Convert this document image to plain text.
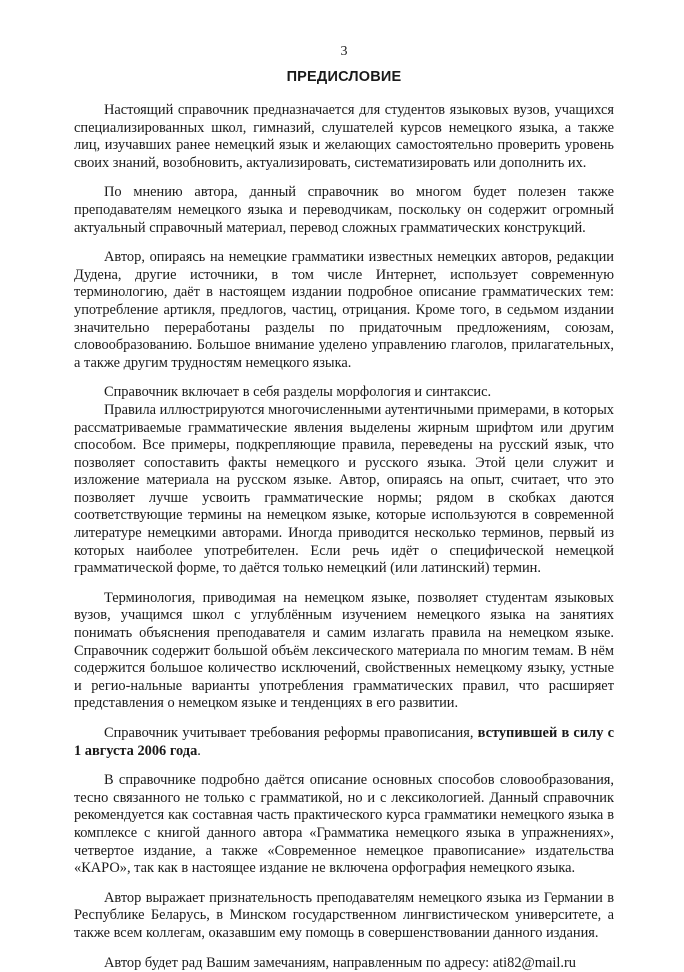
3
ПРЕДИСЛОВИЕ

Настоящий справочник предназначается для студентов языковых вузов, учащихся специализированных школ, гимназий, слушателей курсов немецкого языка, а также лиц, изучавших ранее немецкий язык и желающих самостоятельно проверить уровень своих знаний, возобновить, актуализировать, систематизировать или дополнить их.

По мнению автора, данный справочник во многом будет полезен также преподавателям немецкого языка и переводчикам, поскольку он содержит огромный актуальный справочный материал, перевод сложных грамматических конструкций.

Автор, опираясь на немецкие грамматики известных немецких авторов, редакции Дудена, другие источники, в том числе Интернет, использует современную терминологию, даёт в настоящем издании подробное описание грамматических тем: употребление артикля, предлогов, частиц, отрицания. Кроме того, в седьмом издании значительно переработаны разделы по придаточным предложениям, союзам, словообразованию. Большое внимание уделено управлению глаголов, прилагательных, а также другим трудностям немецкого языка.

Справочник включает в себя разделы морфология и синтаксис.

Правила иллюстрируются многочисленными аутентичными примерами, в которых рассматриваемые грамматические явления выделены жирным шрифтом или другим способом. Все примеры, подкрепляющие правила, переведены на русский язык, что позволяет сопоставить факты немецкого и русского языка. Этой цели служит и изложение материала на русском языке. Автор, опираясь на опыт, считает, что это позволяет лучше усвоить грамматические нормы; рядом в скобках даются соответствующие термины на немецком языке, которые используются в современной литературе немецкими авторами. Иногда приводится несколько терминов, первый из которых наиболее употребителен. Если речь идёт о специфической немецкой грамматической форме, то даётся только немецкий (или латинский) термин.

Терминология, приводимая на немецком языке, позволяет студентам языковых вузов, учащимся школ с углублённым изучением немецкого языка на занятиях понимать объяснения преподавателя и самим излагать правила на немецком языке. Справочник содержит большой объём лексического материала по многим темам. В нём содержится большое количество исключений, свойственных немецкому языку, устные и регио-нальные варианты употребления грамматических правил, что расширяет представления о немецком языке и тенденциях в его развитии.

Справочник учитывает требования реформы правописания, вступившей в силу с 1 августа 2006 года.

В справочнике подробно даётся описание основных способов словообразования, тесно связанного не только с грамматикой, но и с лексикологией. Данный справочник рекомендуется как составная часть практического курса грамматики немецкого языка в комплексе с книгой данного автора «Грамматика немецкого языка в упражнениях», четвертое издание, а также «Современное немецкое правописание» издательства «КАРО», так как в настоящее издание не включена орфография немецкого языка.

Автор выражает признательность преподавателям немецкого языка из Германии в Республике Беларусь, в Минском государственном лингвистическом университете, а также всем коллегам, оказавшим ему помощь в совершенствовании данного издания.

Автор будет рад Вашим замечаниям, направленным по адресу: ati82@mail.ru
